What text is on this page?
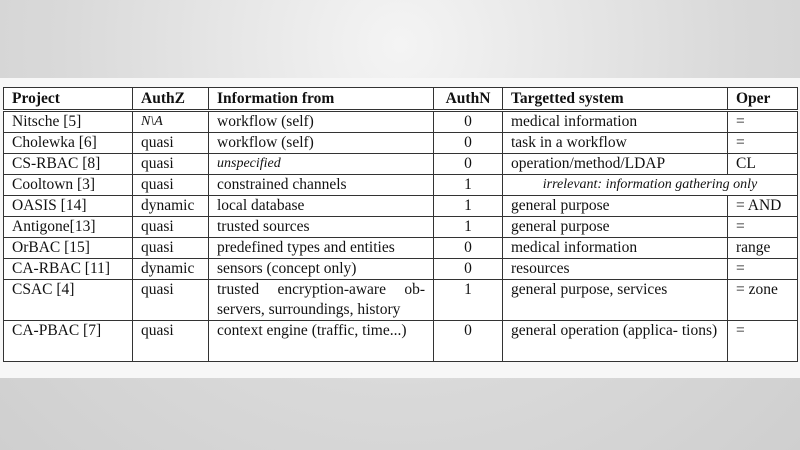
Project	AuthZ	Information from	AuthN	Targetted system	Oper
Nitsche [5]	N\A	workflow (self)	0	medical information	=
Cholewka [6]	quasi	workflow (self)	0	task in a workflow	=
CS-RBAC [8]	quasi	unspecified	0	operation/method/LDAP	CL
Cooltown [3]	quasi	constrained channels	1	irrelevant: information gathering only	
OASIS [14]	dynamic	local database	1	general purpose	= AND
Antigone[13]	quasi	trusted sources	1	general purpose	=
OrBAC [15]	quasi	predefined types and entities	0	medical information	range
CA-RBAC [11]	dynamic	sensors (concept only)	0	resources	=
CSAC [4]	quasi	trusted encryption-aware ob- servers, surroundings, history	1	general purpose, services	= zone
CA-PBAC [7]	quasi	context engine (traffic, time...)	0	general operation (applica- tions)	=
